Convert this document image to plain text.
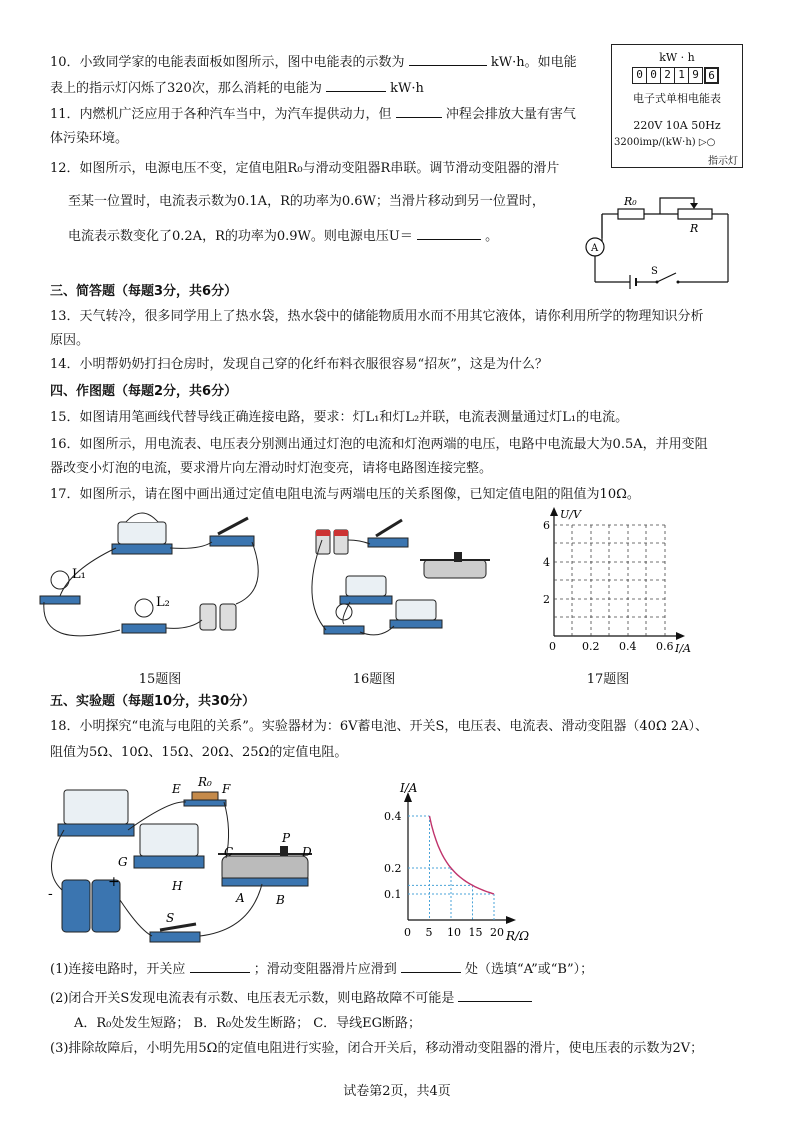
10．小致同学家的电能表面板如图所示，图中电能表的示数为	kW·h。如电能
表上的指示灯闪烁了320次，那么消耗的电能为	kW·h
11．内燃机广泛应用于各种汽车当中，为汽车提供动力，但	冲程会排放大量有害气
体污染环境。
kW · h
0 0 2 1 9 6
电子式单相电能表
220V 10A 50Hz
3200imp/(kW·h) ▷○
指示灯
12．如图所示，电源电压不变，定值电阻R₀与滑动变阻器R串联。调节滑动变阻器的滑片
至某一位置时，电流表示数为0.1A，R的功率为0.6W；当滑片移动到另一位置时，
电流表示数变化了0.2A，R的功率为0.9W。则电源电压U＝	。
R₀
R
A
S
三、简答题（每题3分，共6分）
13．天气转冷，很多同学用上了热水袋，热水袋中的储能物质用水而不用其它液体，请你利用所学的物理知识分析
原因。
14．小明帮奶奶打扫仓房时，发现自己穿的化纤布料衣服很容易“招灰”，这是为什么？
四、作图题（每题2分，共6分）
15．如图请用笔画线代替导线正确连接电路，要求：灯L₁和灯L₂并联，电流表测量通过灯L₁的电流。
16．如图所示，用电流表、电压表分别测出通过灯泡的电流和灯泡两端的电压，电路中电流最大为0.5A，并用变阻
器改变小灯泡的电流，要求滑片向左滑动时灯泡变亮，请将电路图连接完整。
17．如图所示，请在图中画出通过定值电阻电流与两端电压的关系图像，已知定值电阻的阻值为10Ω。
L₁
L₂
15题图	16题图
U/V
I/A
2
4
6
0 0.2 0.4 0.6
17题图
五、实验题（每题10分，共30分）
18．小明探究“电流与电阻的关系”。实验器材为：6V蓄电池、开关S，电压表、电流表、滑动变阻器（40Ω 2A）、
阻值为5Ω、10Ω、15Ω、20Ω、25Ω的定值电阻。
E R₀ F
G
H
C
P
D
A	B
S
-
+
0 5 10 15 20
0.1
0.2
0.4
I/A
R/Ω
(1)连接电路时，开关应	；滑动变阻器滑片应滑到	处（选填“A”或“B”）；
(2)闭合开关S发现电流表有示数、电压表无示数，则电路故障不可能是
A．R₀处发生短路； B．R₀处发生断路； C．导线EG断路；
(3)排除故障后，小明先用5Ω的定值电阻进行实验，闭合开关后，移动滑动变阻器的滑片，使电压表的示数为2V；
试卷第2页，共4页
